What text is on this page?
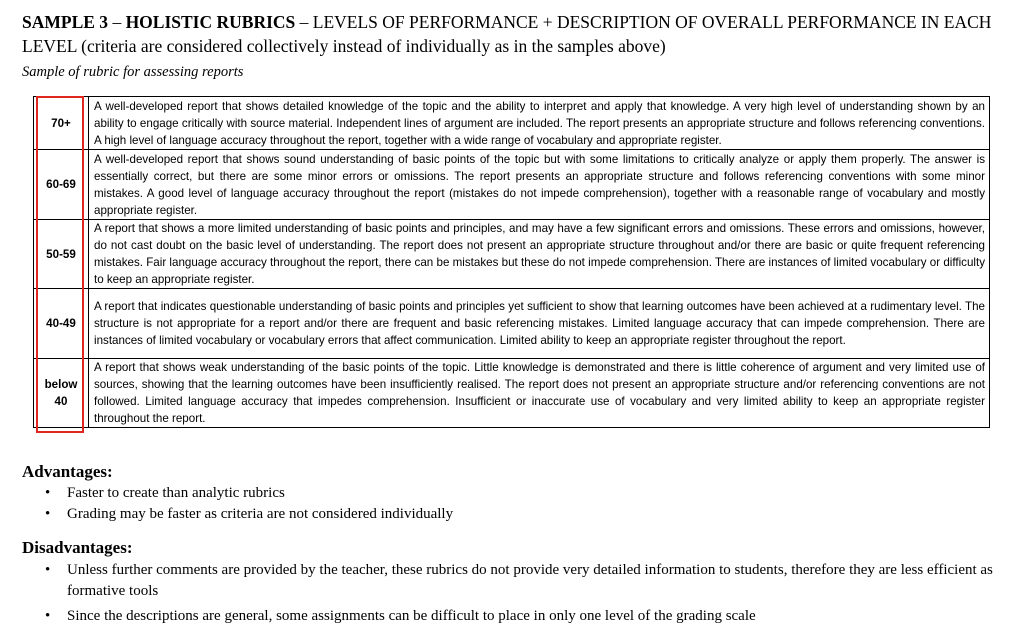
SAMPLE 3 – HOLISTIC RUBRICS – LEVELS OF PERFORMANCE + DESCRIPTION OF OVERALL PERFORMANCE IN EACH LEVEL (criteria are considered collectively instead of individually as in the samples above)
Sample of rubric for assessing reports
70+	A well-developed report that shows detailed knowledge of the topic and the ability to interpret and apply that knowledge. A very high level of understanding shown by an ability to engage critically with source material. Independent lines of argument are included. The report presents an appropriate structure and follows referencing conventions. A high level of language accuracy throughout the report, together with a wide range of vocabulary and appropriate register.
60-69	A well-developed report that shows sound understanding of basic points of the topic but with some limitations to critically analyze or apply them properly. The answer is essentially correct, but there are some minor errors or omissions. The report presents an appropriate structure and follows referencing conventions with some minor mistakes. A good level of language accuracy throughout the report (mistakes do not impede comprehension), together with a reasonable range of vocabulary and mostly appropriate register.
50-59	A report that shows a more limited understanding of basic points and principles, and may have a few significant errors and omissions. These errors and omissions, however, do not cast doubt on the basic level of understanding. The report does not present an appropriate structure throughout and/or there are basic or quite frequent referencing mistakes. Fair language accuracy throughout the report, there can be mistakes but these do not impede comprehension. There are instances of limited vocabulary or difficulty to keep an appropriate register.
40-49	A report that indicates questionable understanding of basic points and principles yet sufficient to show that learning outcomes have been achieved at a rudimentary level. The structure is not appropriate for a report and/or there are frequent and basic referencing mistakes. Limited language accuracy that can impede comprehension. There are instances of limited vocabulary or vocabulary errors that affect communication. Limited ability to keep an appropriate register throughout the report.
below 40	A report that shows weak understanding of the basic points of the topic. Little knowledge is demonstrated and there is little coherence of argument and very limited use of sources, showing that the learning outcomes have been insufficiently realised. The report does not present an appropriate structure and/or referencing conventions are not followed. Limited language accuracy that impedes comprehension. Insufficient or inaccurate use of vocabulary and very limited ability to keep an appropriate register throughout the report.
Advantages:
• Faster to create than analytic rubrics
• Grading may be faster as criteria are not considered individually
Disadvantages:
• Unless further comments are provided by the teacher, these rubrics do not provide very detailed information to students, therefore they are less efficient as formative tools
• Since the descriptions are general, some assignments can be difficult to place in only one level of the grading scale
